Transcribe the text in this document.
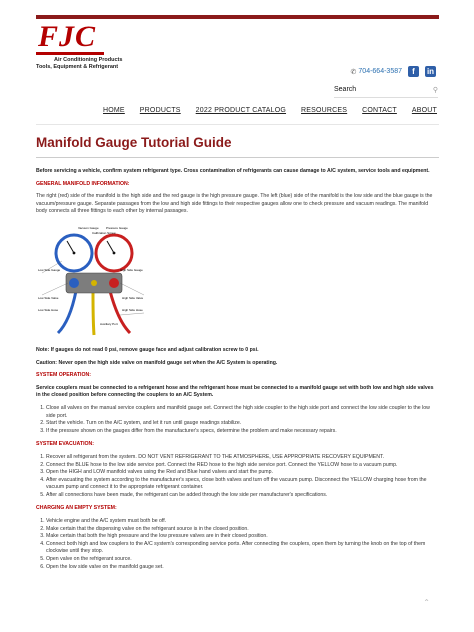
FJC
Air Conditioning Products
Tools, Equipment & Refrigerant
✆ 704-664-3587	f	in
Search	⚲
HOME PRODUCTS 2022 PRODUCT CATALOG RESOURCES CONTACT ABOUT
Manifold Gauge Tutorial Guide

Before servicing a vehicle, confirm system refrigerant type. Cross contamination of refrigerants can cause damage to A/C system, service tools and equipment.

GENERAL MANIFOLD INFORMATION:

The right (red) side of the manifold is the high side and the red gauge is the high pressure gauge. The left (blue) side of the manifold is the low side and the blue gauge is the vacuum/pressure gauge. Separate passages from the low and high side fittings to their respective gauges allow one to check pressure and vacuum readings. The manifold body connects all three fittings to each other by internal passages.

Vacuum Gauge Pressure Gauge
Calibration Screw
Low Side Gauge	High Side Gauge
Low Side Valve	High Side Valve
Low Side Hose
Auxiliary Port
High Side Hose

Note: If gauges do not read 0 psi, remove gauge face and adjust calibration screw to 0 psi.

Caution: Never open the high side valve on manifold gauge set when the A/C System is operating.

SYSTEM OPERATION:

Service couplers must be connected to a refrigerant hose and the refrigerant hose must be connected to a manifold gauge set with both low and high side valves in the closed position before connecting the couplers to an A/C System.

1. Close all valves on the manual service couplers and manifold gauge set. Connect the high side coupler to the high side port and connect the low side coupler to the low side port.
2. Start the vehicle. Turn on the A/C system, and let it run until gauge readings stabilize.
3. If the pressure shown on the gauges differ from the manufacturer's specs, determine the problem and make necessary repairs.

SYSTEM EVACUATION:

1. Recover all refrigerant from the system. DO NOT VENT REFRIGERANT TO THE ATMOSPHERE, USE APPROPRIATE RECOVERY EQUIPMENT.
2. Connect the BLUE hose to the low side service port. Connect the RED hose to the high side service port. Connect the YELLOW hose to a vacuum pump.
3. Open the HIGH and LOW manifold valves using the Red and Blue hand valves and start the pump.
4. After evacuating the system according to the manufacturer's specs, close both valves and turn off the vacuum pump. Disconnect the YELLOW charging hose from the vacuum pump and connect it to the appropriate refrigerant container.
5. After all connections have been made, the refrigerant can be added through the low side per manufacturer's specifications.

CHARGING AN EMPTY SYSTEM:

1. Vehicle engine and the A/C system must both be off.
2. Make certain that the dispensing valve on the refrigerant source is in the closed position.
3. Make certain that both the high pressure and the low pressure valves are in their closed position.
4. Connect both high and low couplers to the A/C system's corresponding service ports. After connecting the couplers, open them by turning the knob on the top of them clockwise until they stop.
5. Open valve on the refrigerant source.
6. Open the low side valve on the manifold gauge set.
⌃
